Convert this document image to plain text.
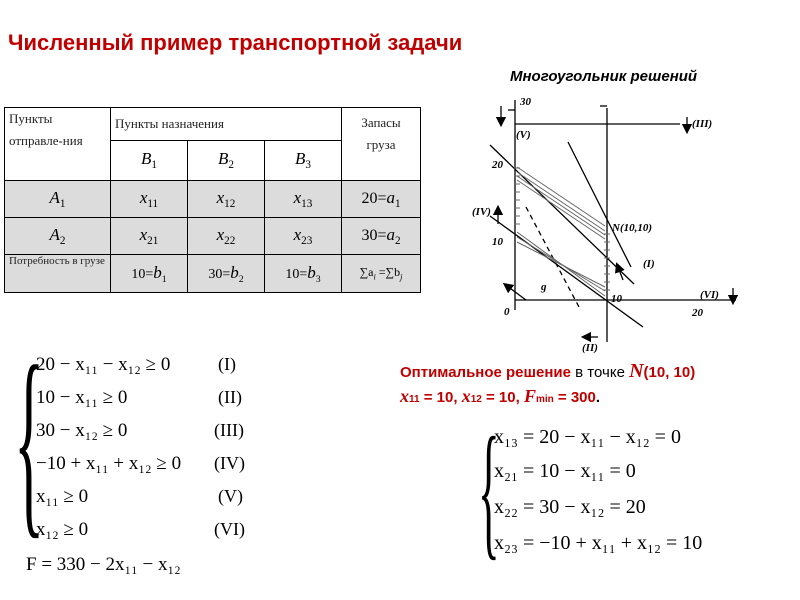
Численный пример транспортной задачи
Многоугольник решений
Пункты отправле-ния	Пункты назначения			Запасы груза

	$B_1$	$B_2$	$B_3$
$A_1$	$x_{11}$	$x_{12}$	$x_{13}$	$20=a_1$
$A_2$	$x_{21}$	$x_{22}$	$x_{23}$	$30=a_2$

Потребность в грузе	$10=b_1$	$30=b_2$	$10=b_3$	$\sum a_i =\sum b_j$
30
20
10
0
10
20
(I)
(II)
(III)
(IV)
(V)
(VI)
N(10,10)
g
{
20 − x₁₁ − x₁₂ ≥ 0	(I)
10 − x₁₁ ≥ 0	(II)
30 − x₁₂ ≥ 0	(III)
−10 + x₁₁ + x₁₂ ≥ 0 (IV)
x₁₁ ≥ 0	(V)
x₁₂ ≥ 0	(VI)
F = 330 − 2x₁₁ − x₁₂
Оптимальное решение в точке N(10, 10)
x11 = 10, x12 = 10, Fmin = 300.
{
x₁₃ = 20 − x₁₁ − x₁₂ = 0
x₂₁ = 10 − x₁₁ = 0
x₂₂ = 30 − x₁₂ = 20
x₂₃ = −10 + x₁₁ + x₁₂ = 10
